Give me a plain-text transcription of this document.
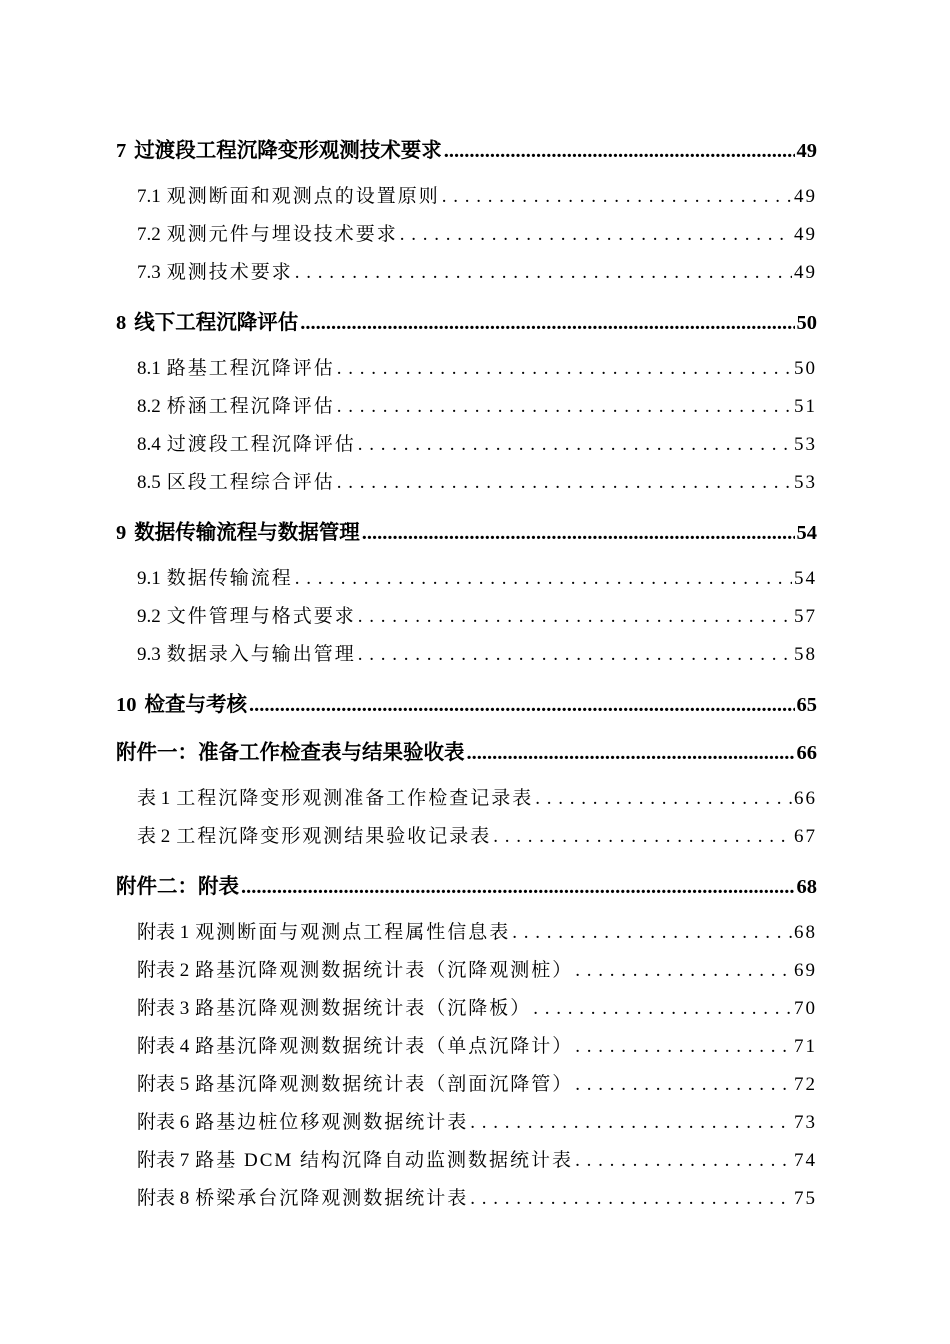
7 过渡段工程沉降变形观测技术要求 .....	49
7.1 观测断面和观测点的设置原则 . . .	49
7.2 观测元件与埋设技术要求 . . .	49
7.3 观测技术要求 . . .	49
8 线下工程沉降评估 .....	50
8.1 路基工程沉降评估 . . .	50
8.2 桥涵工程沉降评估 . . .	51
8.4 过渡段工程沉降评估 . . .	53
8.5 区段工程综合评估 . . .	53
9 数据传输流程与数据管理 .....	54
9.1 数据传输流程 . . .	54
9.2 文件管理与格式要求 . . .	57
9.3 数据录入与输出管理 . . .	58
10 检查与考核 .....	65
附件一：准备工作检查表与结果验收表 .....	66
表 1 工程沉降变形观测准备工作检查记录表 . . .	66
表 2 工程沉降变形观测结果验收记录表 . . .	67
附件二：附表 .....	68
附表 1 观测断面与观测点工程属性信息表 . . .	68
附表 2 路基沉降观测数据统计表（沉降观测桩） . . .	69
附表 3 路基沉降观测数据统计表（沉降板） . . .	70
附表 4 路基沉降观测数据统计表（单点沉降计） . . .	71
附表 5 路基沉降观测数据统计表（剖面沉降管） . . .	72
附表 6 路基边桩位移观测数据统计表 . . .	73
附表 7 路基 DCM 结构沉降自动监测数据统计表 . . .	74
附表 8 桥梁承台沉降观测数据统计表 . . .	75
